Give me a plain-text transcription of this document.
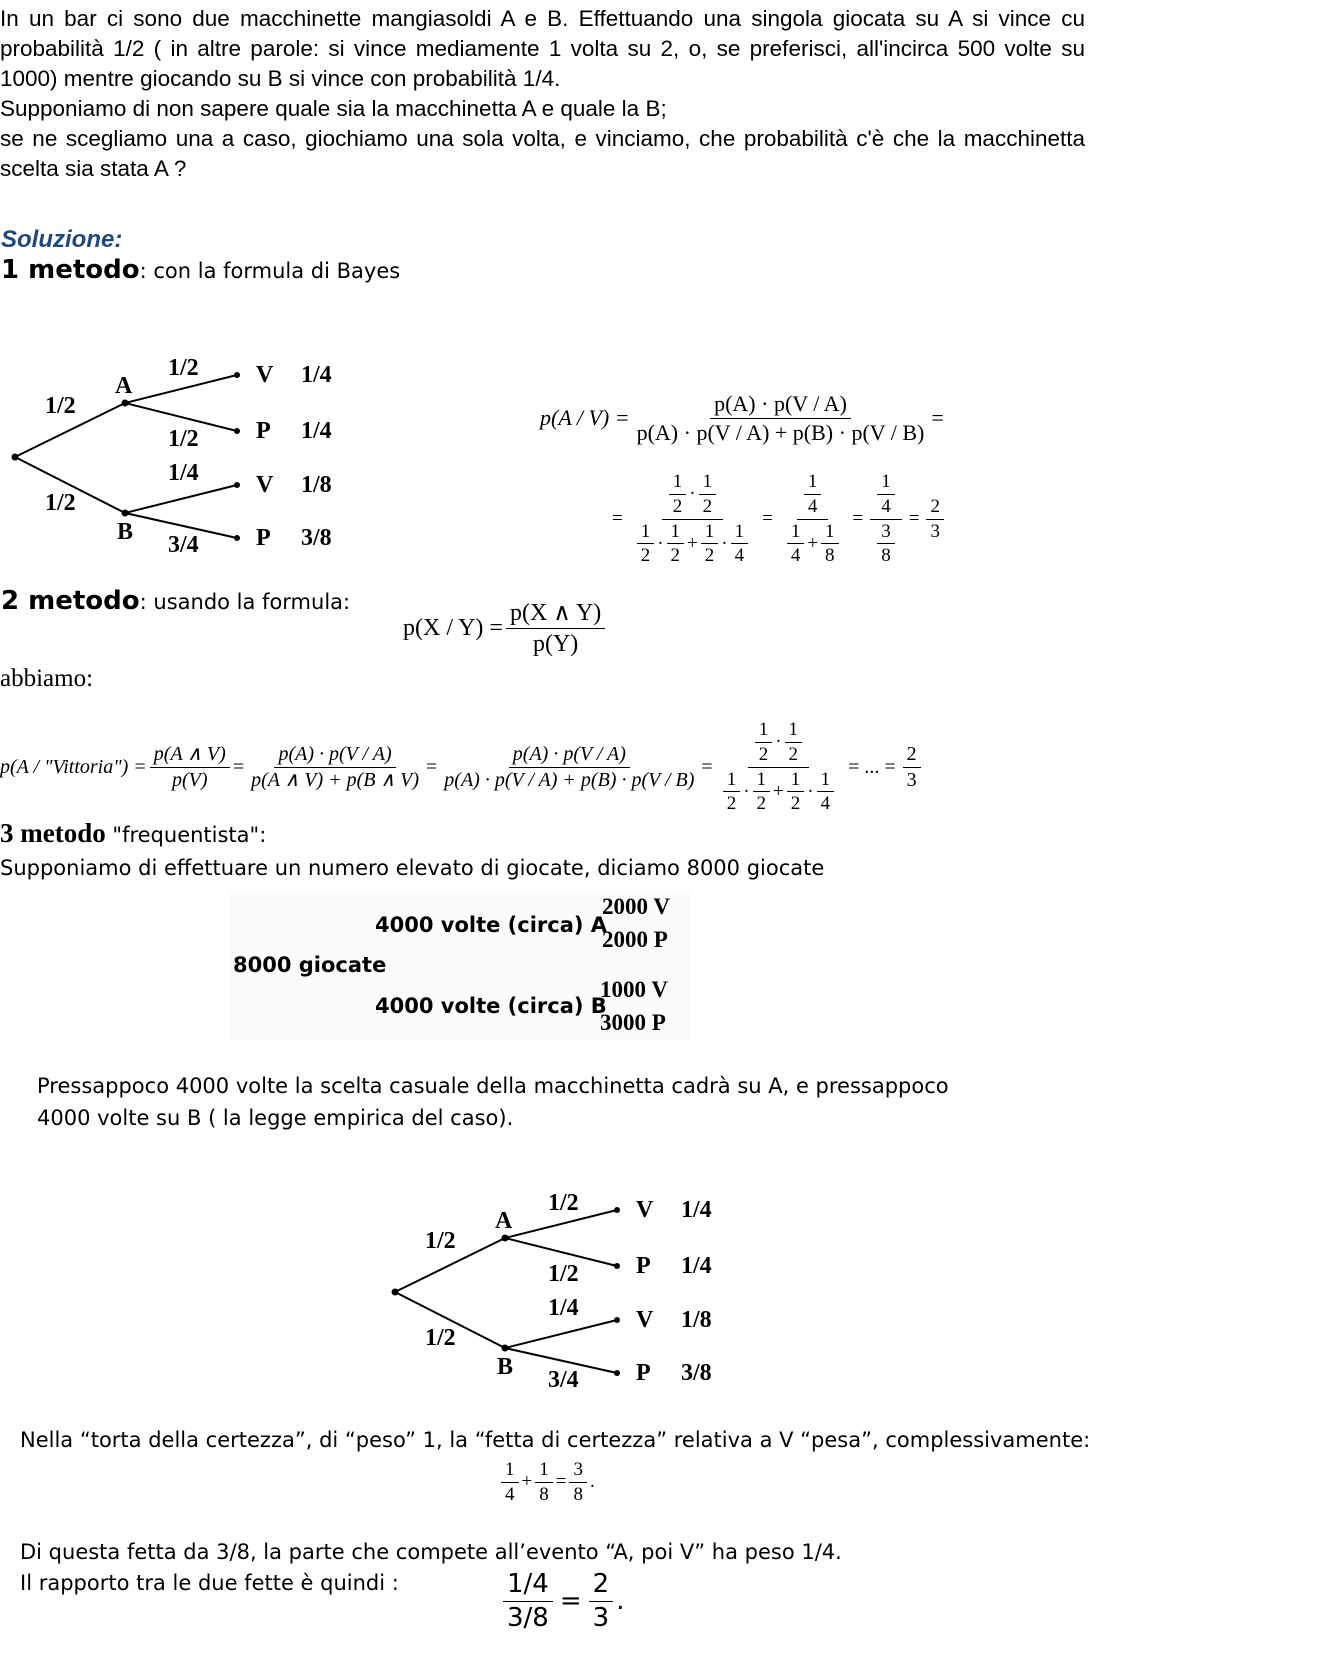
In un bar ci sono due macchinette mangiasoldi A e B. Effettuando una singola giocata su A si vince cu probabilità 1/2 ( in altre parole: si vince mediamente 1 volta su 2, o, se preferisci, all'incirca 500 volte su 1000) mentre giocando su B si vince con probabilità 1/4.

Supponiamo di non sapere quale sia la macchinetta A e quale la B;

se ne scegliamo una a caso, giochiamo una sola volta, e vinciamo, che probabilità c'è che la macchinetta scelta sia stata A ?

Soluzione:
1 metodo: con la formula di Bayes
1/2
1/2
A
B
1/2
1/2
1/4
3/4
V
P
V
P
1/4
1/4
1/8
3/8
$p(A / V) = \frac{p(A) \cdot p(V / A)}{p(A) \cdot p(V / A) + p(B) \cdot p(V / B)}$ =
= $\frac{\frac{1}{2} \cdot \frac{1}{2}}{\frac{1}{2} \cdot \frac{1}{2} + \frac{1}{2} \cdot \frac{1}{4}} = \frac{\frac{1}{4}}{\frac{1}{4} + \frac{1}{8}} = \frac{\frac{1}{4}}{\frac{3}{8}} = \frac{2}{3}$
2 metodo: usando la formula:
$p(X / Y) = \frac{p(X \wedge Y)}{p(Y)}$
abbiamo:
p(A / "Vittoria") = $\frac{p(A \wedge V)}{p(V)} = \frac{p(A) \cdot p(V / A)}{p(A \wedge V) + p(B \wedge V)} = \frac{p(A) \cdot p(V / A)}{p(A) \cdot p(V / A) + p(B) \cdot p(V / B)} = \frac{\frac{1}{2} \cdot \frac{1}{2}}{\frac{1}{2} \cdot \frac{1}{2} + \frac{1}{2} \cdot \frac{1}{4}}$ = ... = $\frac{2}{3}$
3 metodo "frequentista":
Supponiamo di effettuare un numero elevato di giocate, diciamo 8000 giocate
8000 giocate
4000 volte (circa) A
4000 volte (circa) B
2000 V
2000 P
1000 V
3000 P
Pressappoco 4000 volte la scelta casuale della macchinetta cadrà su A, e pressappoco 4000 volte su B ( la legge empirica del caso).
1/2
1/2
A
B
1/2
1/2
1/4
3/4
V
P
V
P
1/4
1/4
1/8
3/8
Nella “torta della certezza”, di “peso” 1, la “fetta di certezza” relativa a V “pesa”, complessivamente:
$\frac{1}{4} + \frac{1}{8} = \frac{3}{8}$ .
Di questa fetta da 3/8, la parte che compete all’evento “A, poi V” ha peso 1/4.
Il rapporto tra le due fette è quindi :	$\frac{1/4}{3/8} = \frac{2}{3}$ .
